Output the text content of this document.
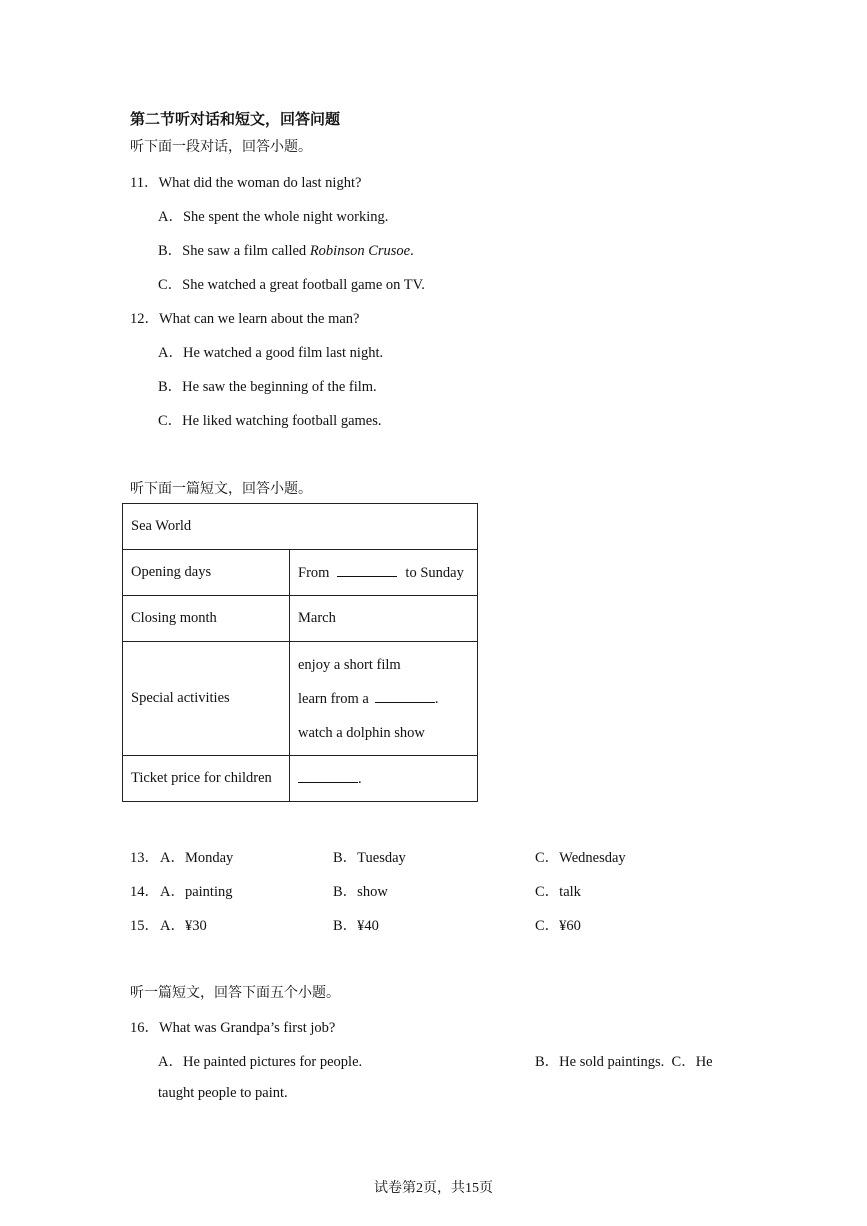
第二节听对话和短文，回答问题
听下面一段对话，回答小题。
11．What did the woman do last night?
A．She spent the whole night working.
B．She saw a film called Robinson Crusoe.
C．She watched a great football game on TV.
12．What can we learn about the man?
A．He watched a good film last night.
B．He saw the beginning of the film.
C．He liked watching football games.
听下面一篇短文，回答小题。
Sea World	
Opening days	From to Sunday
Closing month	March
Special activities	enjoy a short film
learn from a .
watch a dolphin show

Ticket price for children	.
13． A．Monday	B．Tuesday	C．Wednesday
14． A．painting	B．show	C．talk
15． A．¥30	B．¥40	C．¥60
听一篇短文，回答下面五个小题。
16．What was Grandpa’s first job?
A．He painted pictures for people.	B．He sold paintings.  C．He
taught people to paint.
试卷第2页，共15页
